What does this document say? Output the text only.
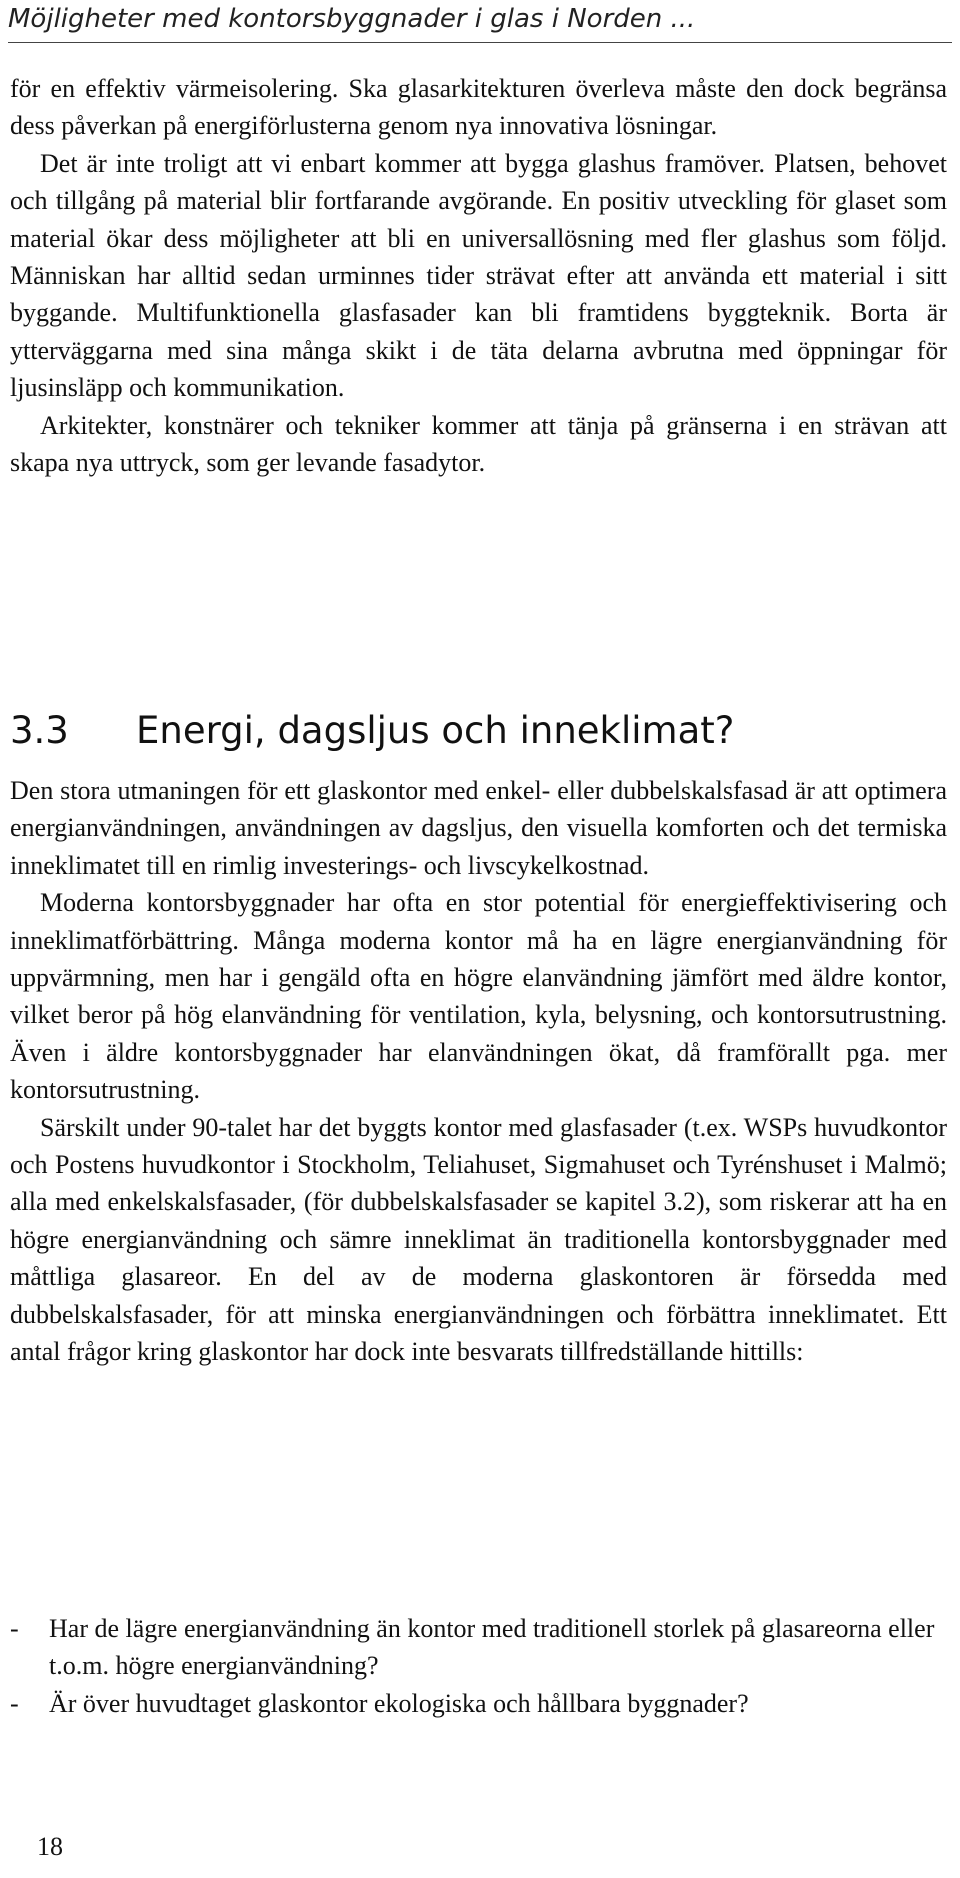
Möjligheter med kontorsbyggnader i glas i Norden ...

för en effektiv värmeisolering. Ska glasarkitekturen överleva måste den dock begränsa dess påverkan på energiförlusterna genom nya innovativa lösningar.

Det är inte troligt att vi enbart kommer att bygga glashus framöver. Platsen, behovet och tillgång på material blir fortfarande avgörande. En positiv utveckling för glaset som material ökar dess möjligheter att bli en universallösning med fler glashus som följd. Människan har alltid sedan urminnes tider strävat efter att använda ett material i sitt byggande. Multifunktionella glasfasader kan bli framtidens byggteknik. Borta är ytterväggarna med sina många skikt i de täta delarna avbrutna med öppningar för ljusinsläpp och kommunikation.

Arkitekter, konstnärer och tekniker kommer att tänja på gränserna i en strävan att skapa nya uttryck, som ger levande fasadytor.

3.3 Energi, dagsljus och inneklimat?

Den stora utmaningen för ett glaskontor med enkel- eller dubbelskalsfasad är att optimera energianvändningen, användningen av dagsljus, den visuella komforten och det termiska inneklimatet till en rimlig investerings- och livscykelkostnad.

Moderna kontorsbyggnader har ofta en stor potential för energieffektivisering och inneklimatförbättring. Många moderna kontor må ha en lägre energianvändning för uppvärmning, men har i gengäld ofta en högre elanvändning jämfört med äldre kontor, vilket beror på hög elanvändning för ventilation, kyla, belysning, och kontorsutrustning. Även i äldre kontorsbyggnader har elanvändningen ökat, då framförallt pga. mer kontorsutrustning.

Särskilt under 90-talet har det byggts kontor med glasfasader (t.ex. WSPs huvudkontor och Postens huvudkontor i Stockholm, Teliahuset, Sigmahuset och Tyrénshuset i Malmö; alla med enkelskalsfasader, (för dubbelskalsfasader se kapitel 3.2), som riskerar att ha en högre energianvändning och sämre inneklimat än traditionella kontorsbyggnader med måttliga glasareor. En del av de moderna glaskontoren är försedda med dubbelskalsfasader, för att minska energianvändningen och förbättra inneklimatet. Ett antal frågor kring glaskontor har dock inte besvarats tillfredställande hittills:

- Har de lägre energianvändning än kontor med traditionell storlek på glasareorna eller t.o.m. högre energianvändning?
- Är över huvudtaget glaskontor ekologiska och hållbara byggnader?
18
